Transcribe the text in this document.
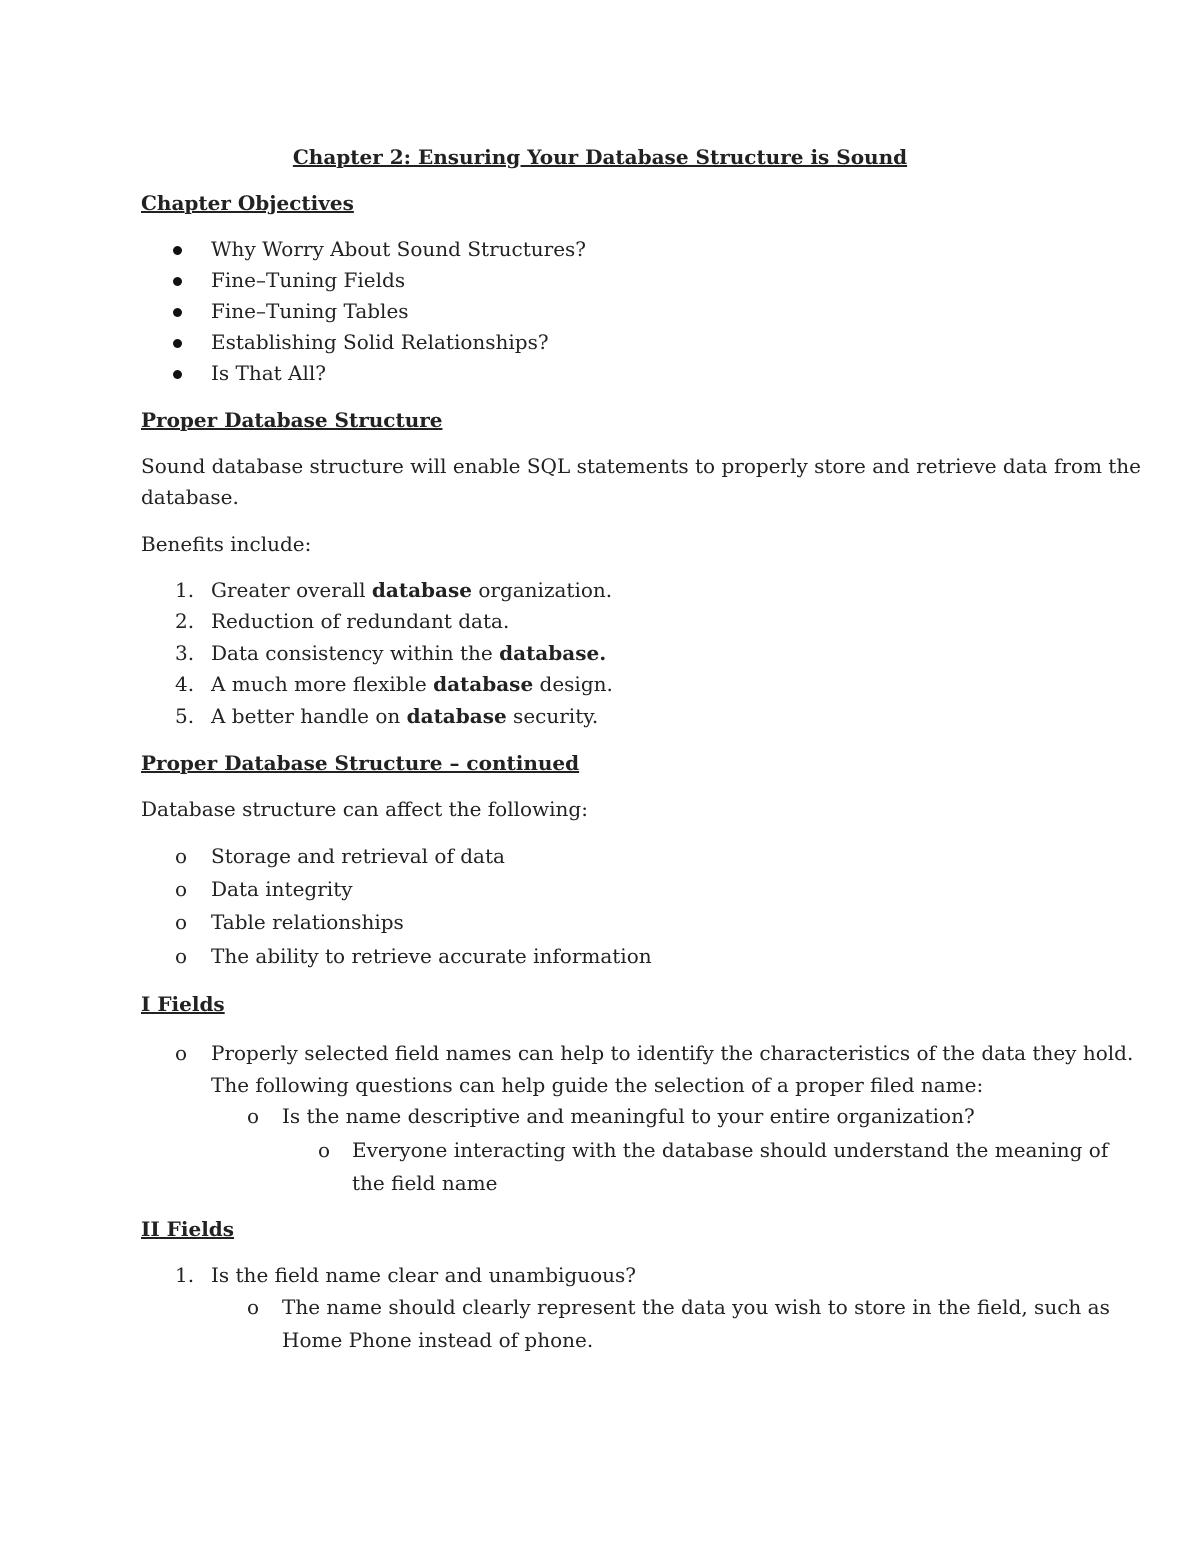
Chapter 2: Ensuring Your Database Structure is Sound
Chapter Objectives
Why Worry About Sound Structures?
Fine–Tuning Fields
Fine–Tuning Tables
Establishing Solid Relationships?
Is That All?
Proper Database Structure
Sound database structure will enable SQL statements to properly store and retrieve data from the
database.
Benefits include:
1. Greater overall database organization.
2. Reduction of redundant data.
3. Data consistency within the database.
4. A much more flexible database design.
5. A better handle on database security.
Proper Database Structure – continued
Database structure can affect the following:
o Storage and retrieval of data
o Data integrity
o Table relationships
o The ability to retrieve accurate information
I Fields
o Properly selected field names can help to identify the characteristics of the data they hold.
The following questions can help guide the selection of a proper filed name:
o Is the name descriptive and meaningful to your entire organization?
o Everyone interacting with the database should understand the meaning of
the field name
II Fields
1. Is the field name clear and unambiguous?
o The name should clearly represent the data you wish to store in the field, such as
Home Phone instead of phone.
